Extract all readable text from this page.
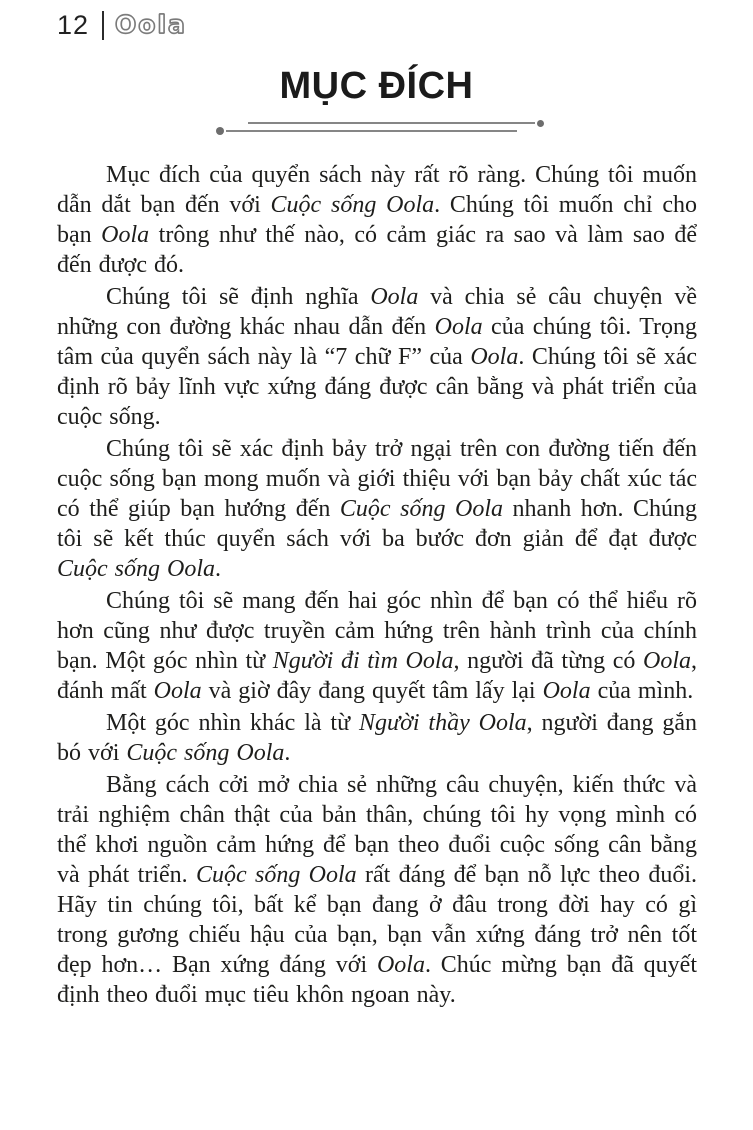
12 Oola
MỤC ĐÍCH

Mục đích của quyển sách này rất rõ ràng. Chúng tôi muốn dẫn dắt bạn đến với Cuộc sống Oola. Chúng tôi muốn chỉ cho bạn Oola trông như thế nào, có cảm giác ra sao và làm sao để đến được đó.

Chúng tôi sẽ định nghĩa Oola và chia sẻ câu chuyện về những con đường khác nhau dẫn đến Oola của chúng tôi. Trọng tâm của quyển sách này là “7 chữ F” của Oola. Chúng tôi sẽ xác định rõ bảy lĩnh vực xứng đáng được cân bằng và phát triển của cuộc sống.

Chúng tôi sẽ xác định bảy trở ngại trên con đường tiến đến cuộc sống bạn mong muốn và giới thiệu với bạn bảy chất xúc tác có thể giúp bạn hướng đến Cuộc sống Oola nhanh hơn. Chúng tôi sẽ kết thúc quyển sách với ba bước đơn giản để đạt được Cuộc sống Oola.

Chúng tôi sẽ mang đến hai góc nhìn để bạn có thể hiểu rõ hơn cũng như được truyền cảm hứng trên hành trình của chính bạn. Một góc nhìn từ Người đi tìm Oola, người đã từng có Oola, đánh mất Oola và giờ đây đang quyết tâm lấy lại Oola của mình.

Một góc nhìn khác là từ Người thầy Oola, người đang gắn bó với Cuộc sống Oola.

Bằng cách cởi mở chia sẻ những câu chuyện, kiến thức và trải nghiệm chân thật của bản thân, chúng tôi hy vọng mình có thể khơi nguồn cảm hứng để bạn theo đuổi cuộc sống cân bằng và phát triển. Cuộc sống Oola rất đáng để bạn nỗ lực theo đuổi. Hãy tin chúng tôi, bất kể bạn đang ở đâu trong đời hay có gì trong gương chiếu hậu của bạn, bạn vẫn xứng đáng trở nên tốt đẹp hơn… Bạn xứng đáng với Oola. Chúc mừng bạn đã quyết định theo đuổi mục tiêu khôn ngoan này.
